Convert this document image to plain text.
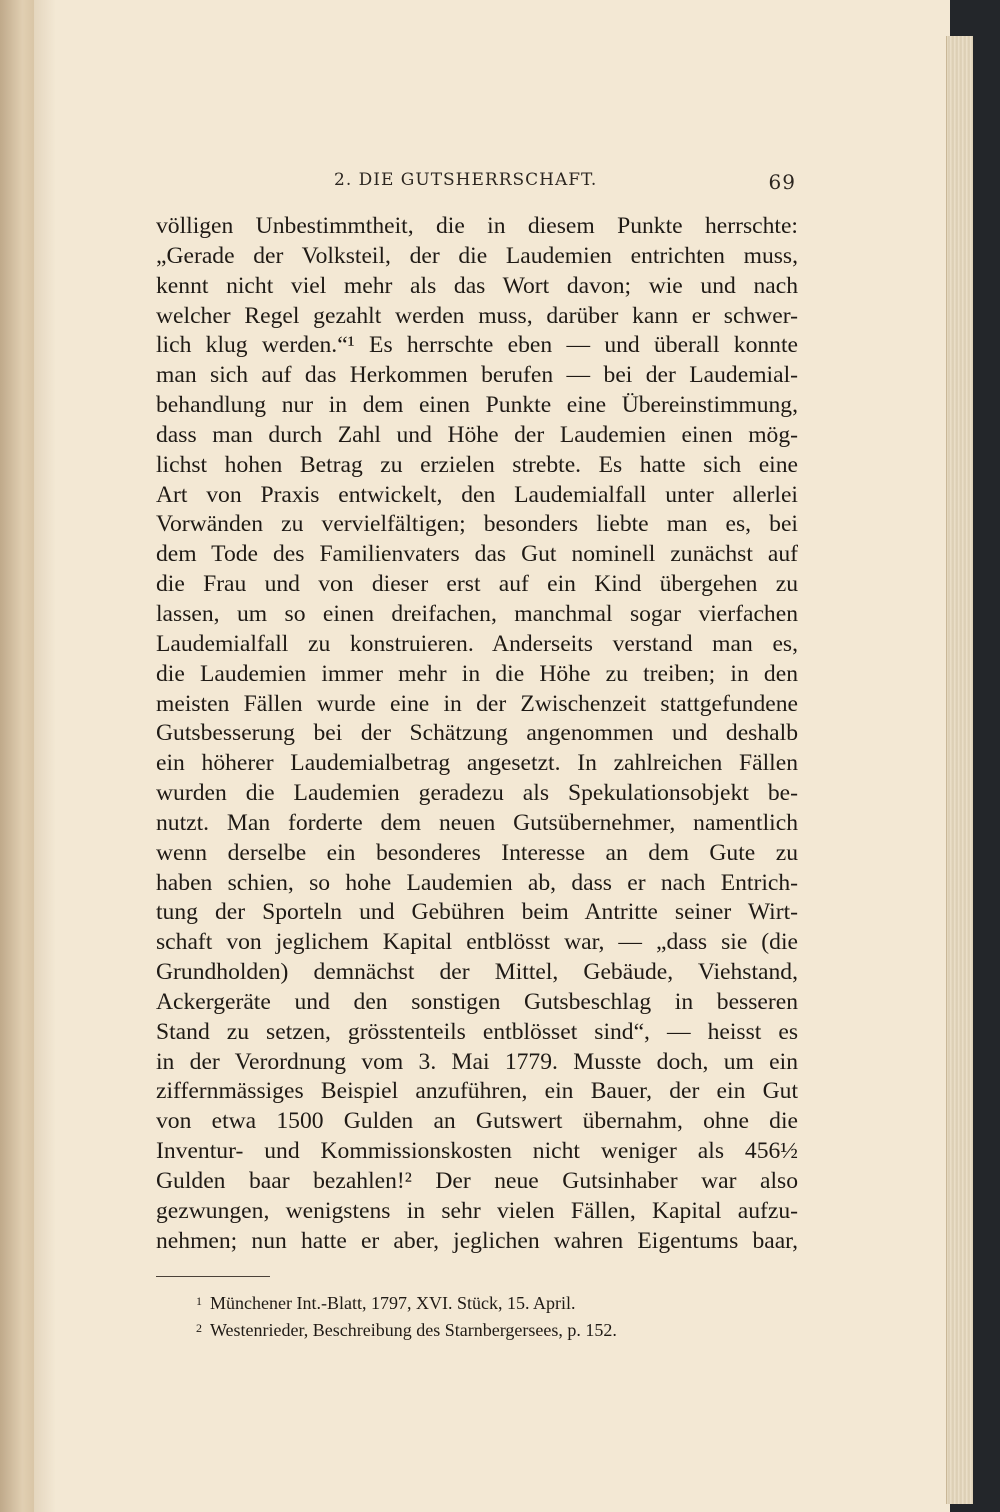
2. DIE GUTSHERRSCHAFT.	69
völligen Unbestimmtheit, die in diesem Punkte herrschte:
„Gerade der Volksteil, der die Laudemien entrichten muss,
kennt nicht viel mehr als das Wort davon; wie und nach
welcher Regel gezahlt werden muss, darüber kann er schwer-
lich klug werden.“¹ Es herrschte eben — und überall konnte
man sich auf das Herkommen berufen — bei der Laudemial-
behandlung nur in dem einen Punkte eine Übereinstimmung,
dass man durch Zahl und Höhe der Laudemien einen mög-
lichst hohen Betrag zu erzielen strebte. Es hatte sich eine
Art von Praxis entwickelt, den Laudemialfall unter allerlei
Vorwänden zu vervielfältigen; besonders liebte man es, bei
dem Tode des Familienvaters das Gut nominell zunächst auf
die Frau und von dieser erst auf ein Kind übergehen zu
lassen, um so einen dreifachen, manchmal sogar vierfachen
Laudemialfall zu konstruieren. Anderseits verstand man es,
die Laudemien immer mehr in die Höhe zu treiben; in den
meisten Fällen wurde eine in der Zwischenzeit stattgefundene
Gutsbesserung bei der Schätzung angenommen und deshalb
ein höherer Laudemialbetrag angesetzt. In zahlreichen Fällen
wurden die Laudemien geradezu als Spekulationsobjekt be-
nutzt. Man forderte dem neuen Gutsübernehmer, namentlich
wenn derselbe ein besonderes Interesse an dem Gute zu
haben schien, so hohe Laudemien ab, dass er nach Entrich-
tung der Sporteln und Gebühren beim Antritte seiner Wirt-
schaft von jeglichem Kapital entblösst war, — „dass sie (die
Grundholden) demnächst der Mittel, Gebäude, Viehstand,
Ackergeräte und den sonstigen Gutsbeschlag in besseren
Stand zu setzen, grösstenteils entblösset sind“, — heisst es
in der Verordnung vom 3. Mai 1779. Musste doch, um ein
ziffernmässiges Beispiel anzuführen, ein Bauer, der ein Gut
von etwa 1500 Gulden an Gutswert übernahm, ohne die
Inventur- und Kommissionskosten nicht weniger als 456½
Gulden baar bezahlen!² Der neue Gutsinhaber war also
gezwungen, wenigstens in sehr vielen Fällen, Kapital aufzu-
nehmen; nun hatte er aber, jeglichen wahren Eigentums baar,
1 Münchener Int.-Blatt, 1797, XVI. Stück, 15. April.
2 Westenrieder, Beschreibung des Starnbergersees, p. 152.
